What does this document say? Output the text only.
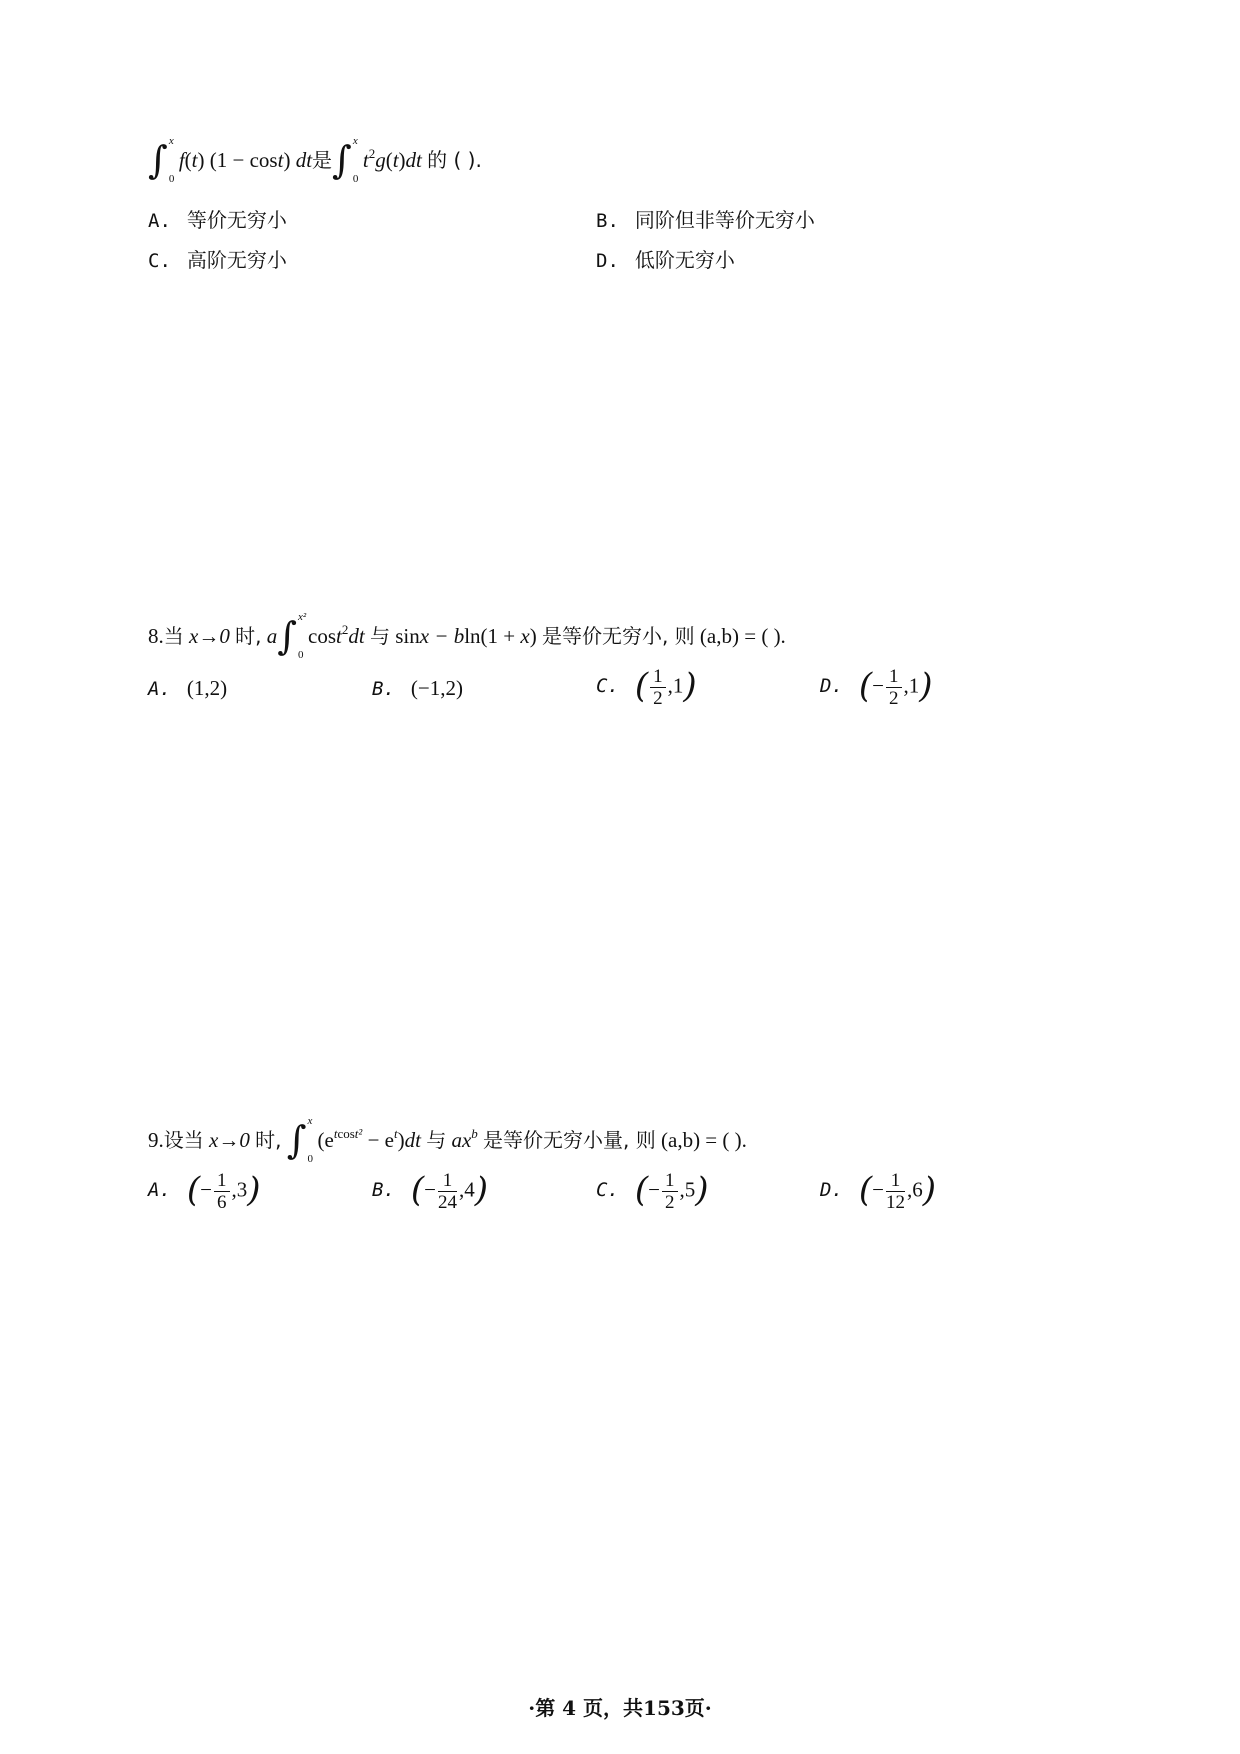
∫ x
0
f(t) (1 − cost) dt是∫ x
0
$t^2g(t)dt$ 的 ( ).
A. 等价无穷小	B. 同阶但非等价无穷小
C. 高阶无穷小	D. 低阶无穷小
8.当 x→0 时, a∫ x²
0
cost$^2$dt 与 sinx − bln(1 + x) 是等价无穷小, 则 (a,b) = ( ).
A. (1,2)	B. (−1,2)	C. ( $\frac{1}{2} ,1$)	D. (− $\frac{1}{2} ,1$)
9.设当 x→0 时, ∫ x
0
$(e^{tcost^2} - e^t)dt$ 与 $ax^b$ 是等价无穷小量, 则 (a,b) = ( ).
A. (− $\frac{1}{6} ,3$)	B. (− $\frac{1}{24} ,4$)	C. (− $\frac{1}{2} ,5$)	D. (− $\frac{1}{12} ,6$)
·第 4 页，共153页·
